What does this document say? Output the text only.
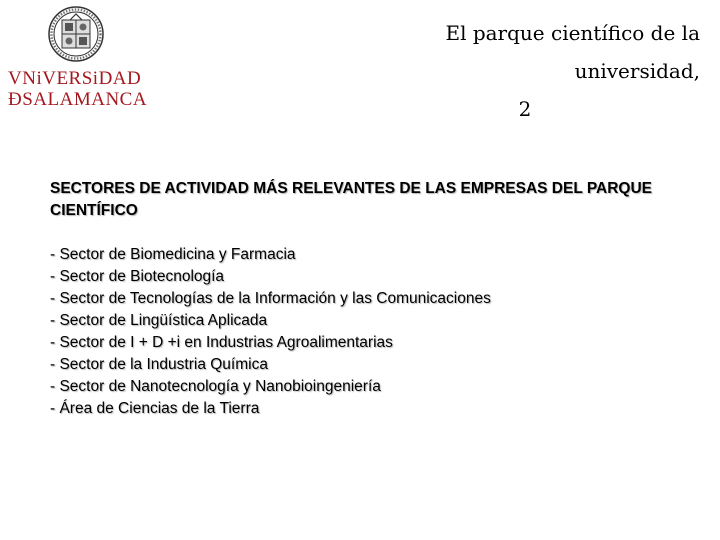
VNiVERSiDAD
ÐSALAMANCA
El parque científico de la universidad,
2
SECTORES DE ACTIVIDAD MÁS RELEVANTES DE LAS EMPRESAS DEL PARQUE CIENTÍFICO
- Sector de Biomedicina y Farmacia
- Sector de Biotecnología
- Sector de Tecnologías de la Información y las Comunicaciones
- Sector de Lingüística Aplicada
- Sector de I + D +i en Industrias Agroalimentarias
- Sector de la Industria Química
- Sector de Nanotecnología y Nanobioingeniería
- Área de Ciencias de la Tierra
